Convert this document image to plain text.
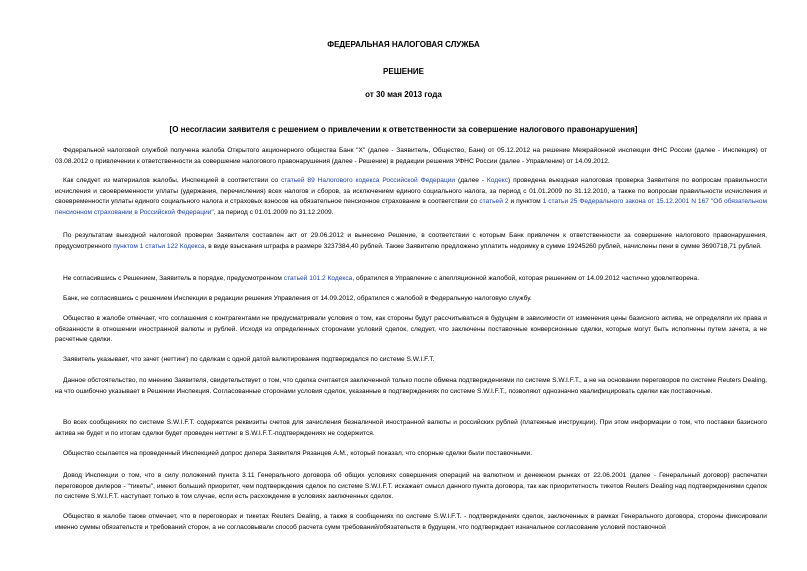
ФЕДЕРАЛЬНАЯ НАЛОГОВАЯ СЛУЖБА
РЕШЕНИЕ
от 30 мая 2013 года
[О несогласии заявителя с решением о привлечении к ответственности за совершение налогового правонарушения]

Федеральной налоговой службой получена жалоба Открытого акционерного общества Банк "Х" (далее - Заявитель, Общество, Банк) от 05.12.2012 на решение Межрайонной инспекции ФНС России (далее - Инспекция) от 03.08.2012 о привлечении к ответственности за совершение налогового правонарушения (далее - Решение) в редакции решения УФНС России (далее - Управление) от 14.09.2012.

Как следует из материалов жалобы, Инспекцией в соответствии со статьей 89 Налогового кодекса Российской Федерации (далее - Кодекс) проведена выездная налоговая проверка Заявителя по вопросам правильности исчисления и своевременности уплаты (удержания, перечисления) всех налогов и сборов, за исключением единого социального налога, за период с 01.01.2009 по 31.12.2010, а также по вопросам правильности исчисления и своевременности уплаты единого социального налога и страховых взносов на обязательное пенсионное страхование в соответствии со статьей 2 и пунктом 1 статьи 25 Федерального закона от 15.12.2001 N 167 "Об обязательном пенсионном страховании в Российской Федерации", за период с 01.01.2009 по 31.12.2009.

По результатам выездной налоговой проверки Заявителя составлен акт от 29.06.2012 и вынесено Решение, в соответствии с которым Банк привлечен к ответственности за совершение налогового правонарушения, предусмотренного пунктом 1 статьи 122 Кодекса, в виде взыскания штрафа в размере 3237384,40 рублей. Также Заявителю предложено уплатить недоимку в сумме 19245260 рублей, начислены пени в сумме 3690718,71 рублей.

Не согласившись с Решением, Заявитель в порядке, предусмотренном статьей 101.2 Кодекса, обратился в Управление с апелляционной жалобой, которая решением от 14.09.2012 частично удовлетворена.

Банк, не согласившись с решением Инспекции в редакции решения Управления от 14.09.2012, обратился с жалобой в Федеральную налоговую службу.

Общество в жалобе отмечает, что соглашения с контрагентами не предусматривали условия о том, как стороны будут рассчитываться в будущем в зависимости от изменения цены базисного актива, не определяли их права и обязанности в отношении иностранной валюты и рублей. Исходя из определенных сторонами условий сделок, следует, что заключены поставочные конверсионные сделки, которые могут быть исполнены путем зачета, а не расчетные сделки.

Заявитель указывает, что зачет (неттинг) по сделкам с одной датой валютирования подтверждался по системе S.W.I.F.T.

Данное обстоятельство, по мнению Заявителя, свидетельствует о том, что сделка считается заключенной только после обмена подтверждениями по системе S.W.I.F.T., а не на основании переговоров по системе Reuters Dealing, на что ошибочно указывает в Решении Инспекция. Согласованные сторонами условия сделок, указанные в подтверждениях по системе S.W.I.F.T., позволяют однозначно квалифицировать сделки как поставочные.

Во всех сообщениях по системе S.W.I.F.T. содержатся реквизиты счетов для зачисления безналичной иностранной валюты и российских рублей (платежные инструкции). При этом информации о том, что поставки базисного актива не будет и по итогам сделки будет проведен неттинг в S.W.I.F.T.-подтверждениях не содержится.

Общество ссылается на проведенный Инспекцией допрос дилера Заявителя Рязанцев А.М., который показал, что спорные сделки были поставочными.

Довод Инспекции о том, что в силу положений пункта 3.11 Генерального договора об общих условиях совершения операций на валютном и денежном рынках от 22.06.2001 (далее - Генеральный договор) распечатки переговоров дилеров - "тикеты", имеют больший приоритет, чем подтверждения сделок по системе S.W.I.F.T. искажает смысл данного пункта договора, так как приоритетность тикетов Reuters Dealing над подтверждениями сделок по системе S.W.I.F.T. наступает только в том случае, если есть расхождение в условиях заключенных сделок.

Общество в жалобе также отмечает, что в переговорах и тикетах Reuters Dealing, а также в сообщениях по системе S.W.I.F.T. - подтверждениях сделок, заключенных в рамках Генерального договора, стороны фиксировали именно суммы обязательств и требований сторон, а не согласовывали способ расчета сумм требований/обязательств в будущем, что подтверждает изначальное согласование условий поставочной
